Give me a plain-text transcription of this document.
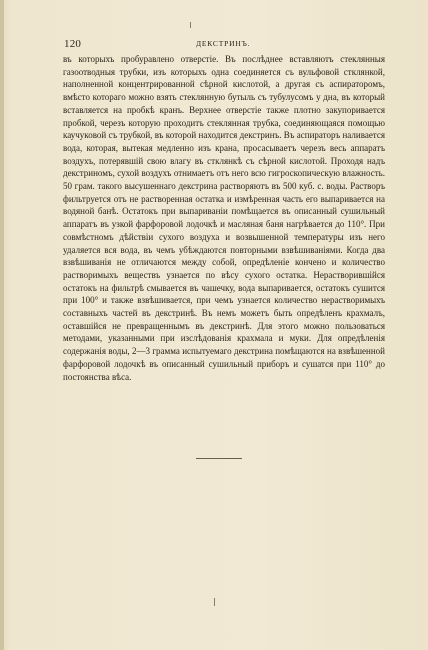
120	ДЕКСТРИНЪ.

въ которыхъ пробуравлено отверстіе. Въ послѣднее вставляютъ стеклянныя газоотводныя трубки, изъ которыхъ одна соединяется съ вульфовой стклянкой, наполненной концентрированной сѣрной кислотой, а другая съ аспираторомъ, вмѣсто котораго можно взять стеклянную бутыль съ тубулусомъ у дна, въ который вставляется на пробкѣ кранъ. Верхнее отверстіе также плотно закупоривается пробкой, черезъ которую проходитъ стеклянная трубка, соединяющаяся помощью каучуковой съ трубкой, въ которой находится декстринъ. Въ аспираторъ наливается вода, которая, вытекая медленно изъ крана, просасываетъ черезъ весь аппаратъ воздухъ, потерявшій свою влагу въ стклянкѣ съ сѣрной кислотой. Проходя надъ декстриномъ, сухой воздухъ отнимаетъ отъ него всю гигроскопическую влажность. 50 грам. такого высушеннаго декстрина растворяютъ въ 500 куб. с. воды. Растворъ фильтруется отъ не растворенная остатка и измѣренная часть его выпаривается на водяной банѣ. Остатокъ при выпариваніи помѣщается въ описанный сушильный аппаратъ въ узкой фарфоровой лодочкѣ и масляная баня нагрѣвается до 110°. При совмѣстномъ дѣйствіи сухого воздуха и возвышенной температуры изъ него удаляется вся вода, въ чемъ убѣждаются повторными взвѣшиваніями. Когда два взвѣшиванія не отличаются между собой, опредѣленіе кончено и количество растворимыхъ веществъ узнается по вѣсу сухого остатка. Нерастворившійся остатокъ на фильтрѣ смывается въ чашечку, вода выпаривается, остатокъ сушится при 100° и также взвѣшивается, при чемъ узнается количество нерастворимыхъ составныхъ частей въ декстринѣ. Въ немъ можетъ быть опредѣленъ крахмалъ, оставшійся не превращеннымъ въ декстринѣ. Для этого можно пользоваться методами, указанными при изслѣдованія крахмала и муки. Для опредѣленія содержанія воды, 2—3 грамма испытуемаго декстрина помѣщаются на взвѣшенной фарфоровой лодочкѣ въ описанный сушильный приборъ и сушатся при 110° до постоянства вѣса.
